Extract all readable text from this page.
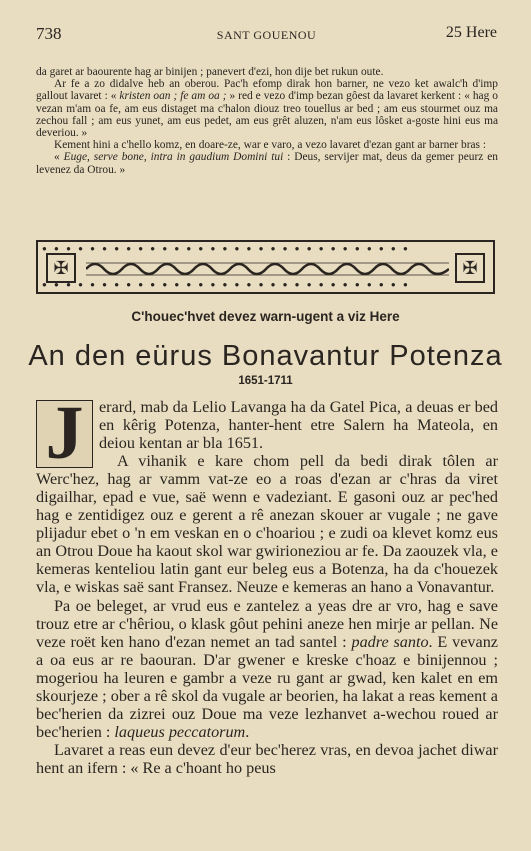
738	SANT GOUENOU	25 Here

da garet ar baourente hag ar binijen ; panevert d'ezi, hon dije bet rukun oute.

Ar fe a zo didalve heb an oberou. Pac'h efomp dirak hon barner, ne vezo ket awalc'h d'imp gallout lavaret : « kristen oan ; fe am oa ; » red e vezo d'imp bezan gôest da lavaret kerkent : « hag o vezan m'am oa fe, am eus distaget ma c'halon diouz treo touellus ar bed ; am eus stourmet ouz ma zechou fall ; am eus yunet, am eus pedet, am eus grêt aluzen, n'am eus lôsket a-goste hini eus ma deveriou. »

Kement hini a c'hello komz, en doare-ze, war e varo, a vezo lavaret d'ezan gant ar barner bras :

« Euge, serve bone, intra in gaudium Domini tui : Deus, servijer mat, deus da gemer peurz en levenez da Otrou. »

● ● ● ● ● ● ● ● ● ● ● ● ● ● ● ● ● ● ● ● ● ● ● ● ● ● ● ● ● ● ●
✠	✠
● ● ● ● ● ● ● ● ● ● ● ● ● ● ● ● ● ● ● ● ● ● ● ● ● ● ● ● ● ● ●
C'houec'hvet devez warn-ugent a viz Here
An den eürus Bonavantur Potenza
1651-1711
J erard, mab da Lelio Lavanga ha da Gatel Pica, a deuas er bed en kêrig Potenza, hanter-hent etre Salern ha Mateola, en deiou kentan ar bla 1651.

A vihanik e kare chom pell da bedi dirak tôlen ar Werc'hez, hag ar vamm vat-ze eo a roas d'ezan ar c'hras da viret digailhar, epad e vue, saë wenn e vadeziant. E gasoni ouz ar pec'hed hag e zentidigez ouz e gerent a rê anezan skouer ar vugale ; ne gave plijadur ebet o 'n em veskan en o c'hoariou ; e zudi oa klevet komz eus an Otrou Doue ha kaout skol war gwirioneziou ar fe. Da zaouzek vla, e kemeras kenteliou latin gant eur beleg eus a Botenza, ha da c'houezek vla, e wiskas saë sant Fransez. Neuze e kemeras an hano a Vonavantur.

Pa oe beleget, ar vrud eus e zantelez a yeas dre ar vro, hag e save trouz etre ar c'hêriou, o klask gôut pehini aneze hen mirje ar pellan. Ne veze roët ken hano d'ezan nemet an tad santel : padre santo. E vevanz a oa eus ar re baouran. D'ar gwener e kreske c'hoaz e binijennou ; mogeriou ha leuren e gambr a veze ru gant ar gwad, ken kalet en em skourjeze ; ober a rê skol da vugale ar beorien, ha lakat a reas kement a bec'herien da zizrei ouz Doue ma veze lezhanvet a-wechou roued ar bec'herien : laqueus peccatorum.

Lavaret a reas eun devez d'eur bec'herez vras, en devoa jachet diwar hent an ifern : « Re a c'hoant ho peus
